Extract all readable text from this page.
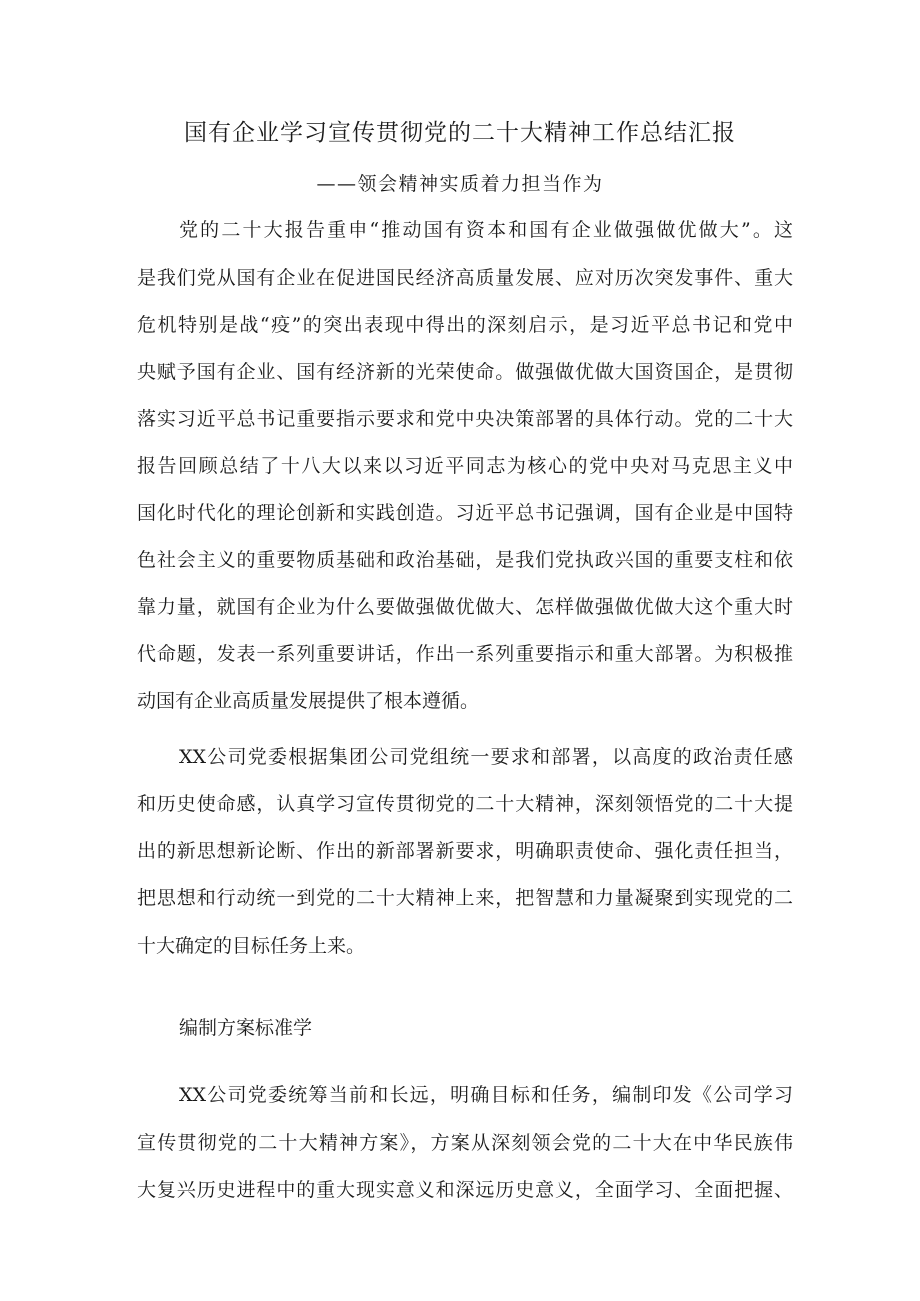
国有企业学习宣传贯彻党的二十大精神工作总结汇报
——领会精神实质着力担当作为
党的二十大报告重申“推动国有资本和国有企业做强做优做大”。这
是我们党从国有企业在促进国民经济高质量发展、应对历次突发事件、重大
危机特别是战“疫”的突出表现中得出的深刻启示，是习近平总书记和党中
央赋予国有企业、国有经济新的光荣使命。做强做优做大国资国企，是贯彻
落实习近平总书记重要指示要求和党中央决策部署的具体行动。党的二十大
报告回顾总结了十八大以来以习近平同志为核心的党中央对马克思主义中
国化时代化的理论创新和实践创造。习近平总书记强调，国有企业是中国特
色社会主义的重要物质基础和政治基础，是我们党执政兴国的重要支柱和依
靠力量，就国有企业为什么要做强做优做大、怎样做强做优做大这个重大时
代命题，发表一系列重要讲话，作出一系列重要指示和重大部署。为积极推
动国有企业高质量发展提供了根本遵循。
XX公司党委根据集团公司党组统一要求和部署，以高度的政治责任感
和历史使命感，认真学习宣传贯彻党的二十大精神，深刻领悟党的二十大提
出的新思想新论断、作出的新部署新要求，明确职责使命、强化责任担当，
把思想和行动统一到党的二十大精神上来，把智慧和力量凝聚到实现党的二
十大确定的目标任务上来。
编制方案标准学
XX公司党委统筹当前和长远，明确目标和任务，编制印发《公司学习
宣传贯彻党的二十大精神方案》，方案从深刻领会党的二十大在中华民族伟
大复兴历史进程中的重大现实意义和深远历史意义，全面学习、全面把握、
